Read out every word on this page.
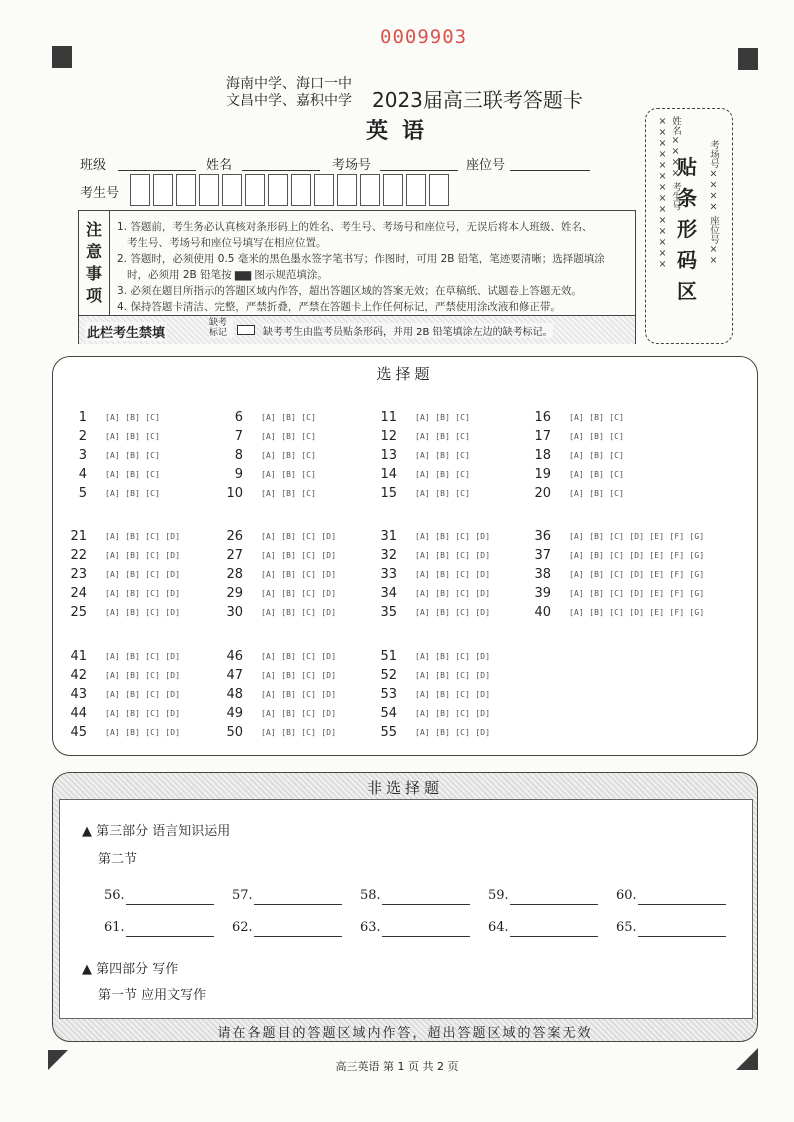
0009903
海南中学、海口一中
文昌中学、嘉积中学 2023届高三联考答题卡
英语
班级	姓名	考场号	座位号
考生号
注
意
事
项
1. 答题前，考生务必认真核对条形码上的姓名、考生号、考场号和座位号，无误后将本人班级、姓名、
考生号、考场号和座位号填写在相应位置。
2. 答题时，必须使用 0.5 毫米的黑色墨水签字笔书写；作图时，可用 2B 铅笔，笔迹要清晰；选择题填涂
时，必须用 2B 铅笔按 ▆▆ 图示规范填涂。
3. 必须在题目所指示的答题区域内作答，超出答题区域的答案无效；在草稿纸、试题卷上答题无效。
4. 保持答题卡清洁、完整，严禁折叠，严禁在答题卡上作任何标记，严禁使用涂改液和修正带。
此栏考生禁填
缺考标记	缺考考生由监考员贴条形码，并用 2B 铅笔填涂左边的缺考标记。
姓名×××× 考生号××××××××××××××	考场号×××× 座位号××
贴
条
形
码
区
选择题
1 [A] [B] [C]
2 [A] [B] [C]
3 [A] [B] [C]
4 [A] [B] [C]
5 [A] [B] [C]
6 [A] [B] [C]
7 [A] [B] [C]
8 [A] [B] [C]
9 [A] [B] [C]
10 [A] [B] [C]
11 [A] [B] [C]
12 [A] [B] [C]
13 [A] [B] [C]
14 [A] [B] [C]
15 [A] [B] [C]
16 [A] [B] [C]
17 [A] [B] [C]
18 [A] [B] [C]
19 [A] [B] [C]
20 [A] [B] [C]
21 [A] [B] [C] [D]
22 [A] [B] [C] [D]
23 [A] [B] [C] [D]
24 [A] [B] [C] [D]
25 [A] [B] [C] [D]
26 [A] [B] [C] [D]
27 [A] [B] [C] [D]
28 [A] [B] [C] [D]
29 [A] [B] [C] [D]
30 [A] [B] [C] [D]
31 [A] [B] [C] [D]
32 [A] [B] [C] [D]
33 [A] [B] [C] [D]
34 [A] [B] [C] [D]
35 [A] [B] [C] [D]
36 [A] [B] [C] [D] [E] [F] [G]
37 [A] [B] [C] [D] [E] [F] [G]
38 [A] [B] [C] [D] [E] [F] [G]
39 [A] [B] [C] [D] [E] [F] [G]
40 [A] [B] [C] [D] [E] [F] [G]
41 [A] [B] [C] [D]
42 [A] [B] [C] [D]
43 [A] [B] [C] [D]
44 [A] [B] [C] [D]
45 [A] [B] [C] [D]
46 [A] [B] [C] [D]
47 [A] [B] [C] [D]
48 [A] [B] [C] [D]
49 [A] [B] [C] [D]
50 [A] [B] [C] [D]
51 [A] [B] [C] [D]
52 [A] [B] [C] [D]
53 [A] [B] [C] [D]
54 [A] [B] [C] [D]
55 [A] [B] [C] [D]
非选择题
▲ 第三部分 语言知识运用
第二节
56.	57.	58.	59.	60.
61.	62.	63.	64.	65.
▲ 第四部分 写作
第一节 应用文写作
请在各题目的答题区域内作答，超出答题区域的答案无效
高三英语 第 1 页 共 2 页
